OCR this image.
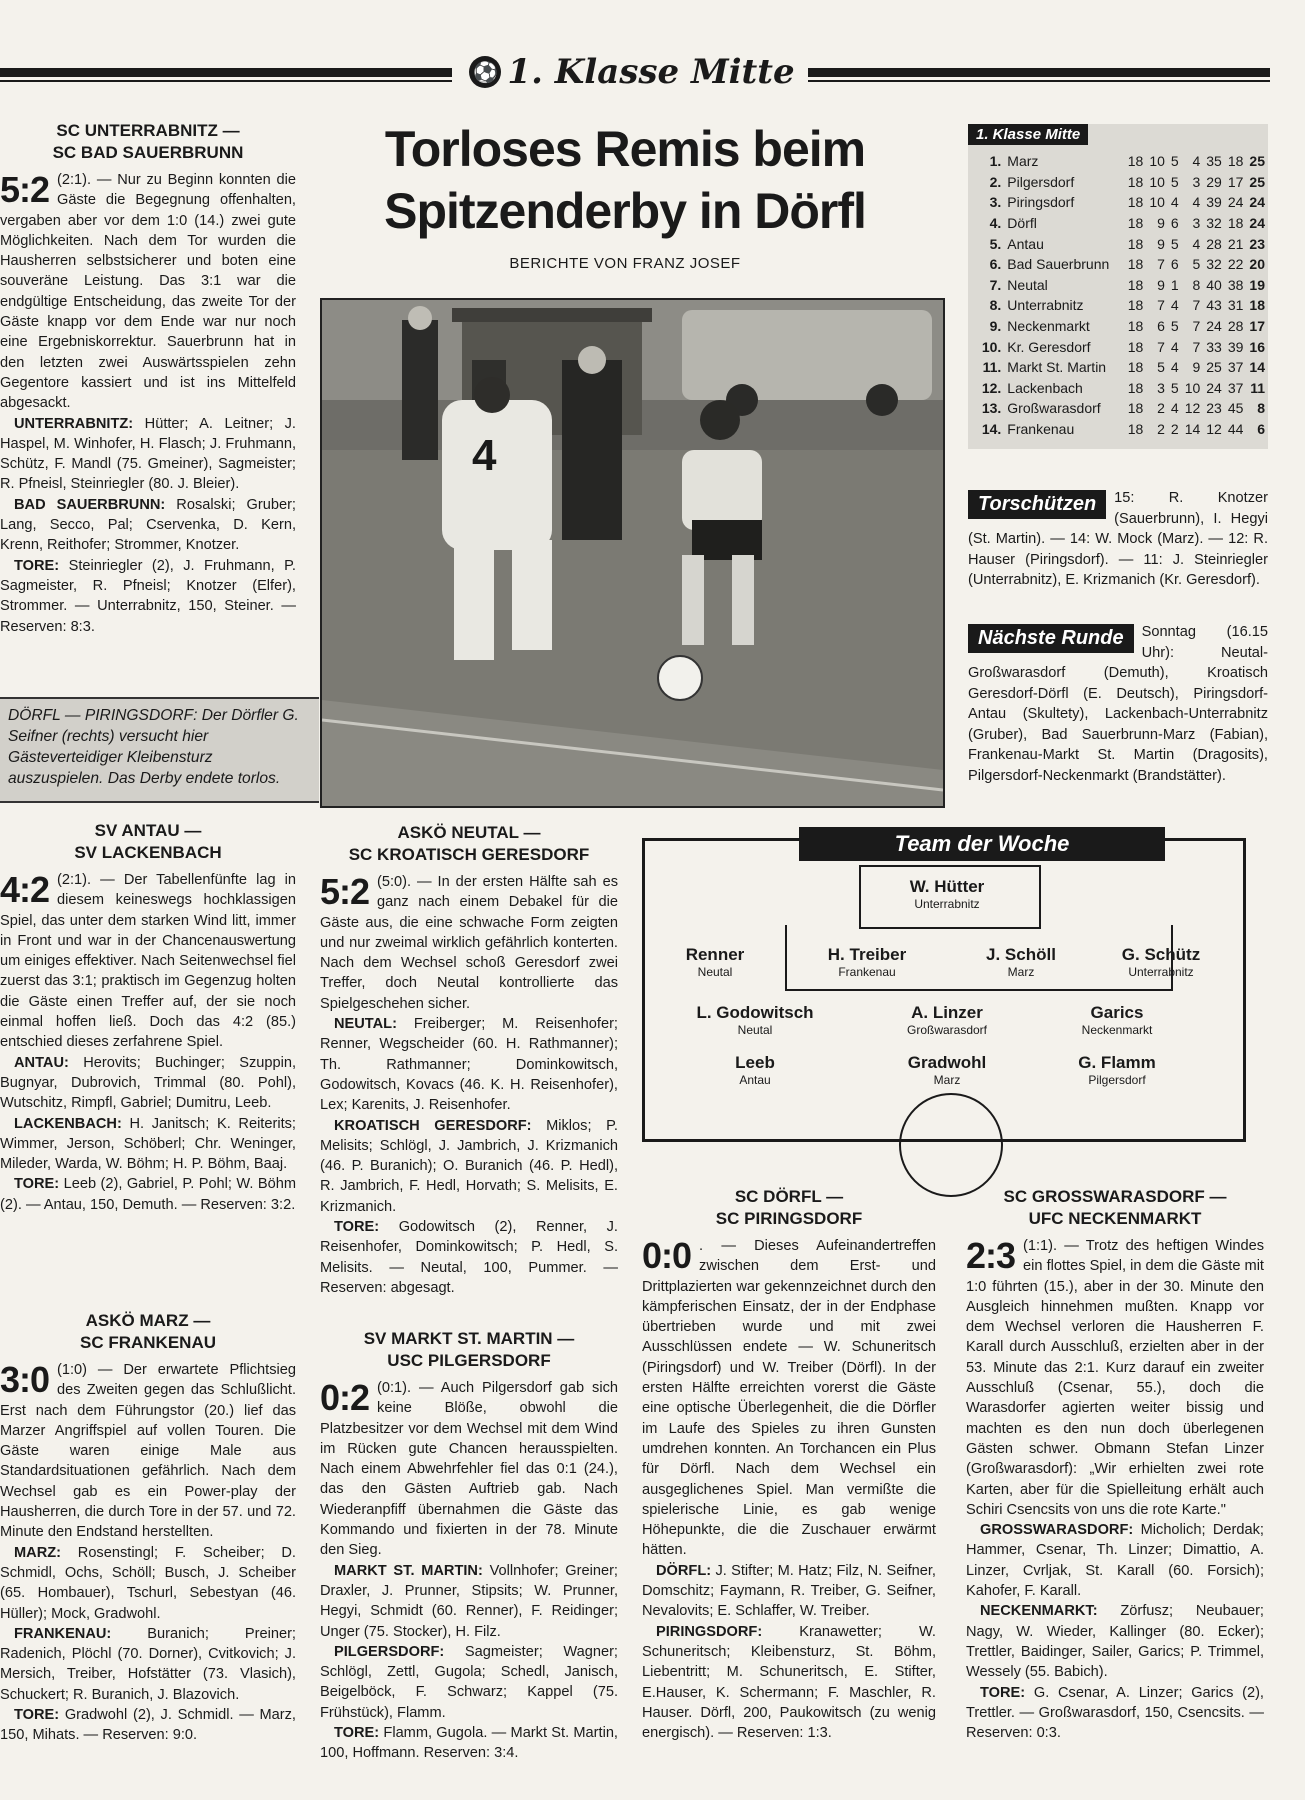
⚽ 1. Klasse Mitte
Torloses Remis beim
Spitzenderby in Dörfl
BERICHTE VON FRANZ JOSEF
4
DÖRFL — PIRINGSDORF: Der Dörfler G. Seifner (rechts) versucht hier Gästeverteidiger Kleibensturz auszuspielen. Das Derby endete torlos.
1. Klasse Mitte
1.	Marz	18	10	5	4	35	18	25
2.	Pilgersdorf	18	10	5	3	29	17	25
3.	Piringsdorf	18	10	4	4	39	24	24
4.	Dörfl	18	9	6	3	32	18	24
5.	Antau	18	9	5	4	28	21	23
6.	Bad Sauerbrunn	18	7	6	5	32	22	20
7.	Neutal	18	9	1	8	40	38	19
8.	Unterrabnitz	18	7	4	7	43	31	18
9.	Neckenmarkt	18	6	5	7	24	28	17
10.	Kr. Geresdorf	18	7	4	7	33	39	16
11.	Markt St. Martin	18	5	4	9	25	37	14
12.	Lackenbach	18	3	5	10	24	37	11
13.	Großwarasdorf	18	2	4	12	23	45	8
14.	Frankenau	18	2	2	14	12	44	6
Torschützen	15: R. Knotzer (Sauerbrunn), I. Hegyi (St. Martin). — 14: W. Mock (Marz). — 12: R. Hauser (Piringsdorf). — 11: J. Steinriegler (Unterrabnitz), E. Krizmanich (Kr. Geresdorf).
Nächste Runde	Sonntag (16.15 Uhr): Neutal-Großwarasdorf (Demuth), Kroatisch Geresdorf-Dörfl (E. Deutsch), Piringsdorf-Antau (Skultety), Lackenbach-Unterrabnitz (Gruber), Bad Sauerbrunn-Marz (Fabian), Frankenau-Markt St. Martin (Dragosits), Pilgersdorf-Neckenmarkt (Brandstätter).
Team der Woche
W. Hütter
Unterrabnitz
Renner
Neutal
H. Treiber
Frankenau
J. Schöll
Marz
G. Schütz
Unterrabnitz
L. Godowitsch
Neutal
A. Linzer
Großwarasdorf
Garics
Neckenmarkt
Leeb
Antau
Gradwohl
Marz
G. Flamm
Pilgersdorf
SC UNTERRABNITZ —
SC BAD SAUERBRUNN

5:2 (2:1). — Nur zu Beginn konnten die Gäste die Begegnung offenhalten, vergaben aber vor dem 1:0 (14.) zwei gute Möglichkeiten. Nach dem Tor wurden die Hausherren selbstsicherer und boten eine souveräne Leistung. Das 3:1 war die endgültige Entscheidung, das zweite Tor der Gäste knapp vor dem Ende war nur noch eine Ergebniskorrektur. Sauerbrunn hat in den letzten zwei Auswärtsspielen zehn Gegentore kassiert und ist ins Mittelfeld abgesackt.

UNTERRABNITZ: Hütter; A. Leitner; J. Haspel, M. Winhofer, H. Flasch; J. Fruhmann, Schütz, F. Mandl (75. Gmeiner), Sagmeister; R. Pfneisl, Steinriegler (80. J. Bleier).

BAD SAUERBRUNN: Rosalski; Gruber; Lang, Secco, Pal; Cservenka, D. Kern, Krenn, Reithofer; Strommer, Knotzer.

TORE: Steinriegler (2), J. Fruhmann, P. Sagmeister, R. Pfneisl; Knotzer (Elfer), Strommer. — Unterrabnitz, 150, Steiner. — Reserven: 8:3.

SV ANTAU —
SV LACKENBACH

4:2 (2:1). — Der Tabellenfünfte lag in diesem keineswegs hochklassigen Spiel, das unter dem starken Wind litt, immer in Front und war in der Chancenauswertung um einiges effektiver. Nach Seitenwechsel fiel zuerst das 3:1; praktisch im Gegenzug holten die Gäste einen Treffer auf, der sie noch einmal hoffen ließ. Doch das 4:2 (85.) entschied dieses zerfahrene Spiel.

ANTAU: Herovits; Buchinger; Szuppin, Bugnyar, Dubrovich, Trimmal (80. Pohl), Wutschitz, Rimpfl, Gabriel; Dumitru, Leeb.

LACKENBACH: H. Janitsch; K. Reiterits; Wimmer, Jerson, Schöberl; Chr. Weninger, Mileder, Warda, W. Böhm; H. P. Böhm, Baaj.

TORE: Leeb (2), Gabriel, P. Pohl; W. Böhm (2). — Antau, 150, Demuth. — Reserven: 3:2.

ASKÖ MARZ —
SC FRANKENAU

3:0 (1:0) — Der erwartete Pflichtsieg des Zweiten gegen das Schlußlicht. Erst nach dem Führungstor (20.) lief das Marzer Angriffspiel auf vollen Touren. Die Gäste waren einige Male aus Standardsituationen gefährlich. Nach dem Wechsel gab es ein Power-play der Hausherren, die durch Tore in der 57. und 72. Minute den Endstand herstellten.

MARZ: Rosenstingl; F. Scheiber; D. Schmidl, Ochs, Schöll; Busch, J. Scheiber (65. Hombauer), Tschurl, Sebestyan (46. Hüller); Mock, Gradwohl.

FRANKENAU: Buranich; Preiner; Radenich, Plöchl (70. Dorner), Cvitkovich; J. Mersich, Treiber, Hofstätter (73. Vlasich), Schuckert; R. Buranich, J. Blazovich.

TORE: Gradwohl (2), J. Schmidl. — Marz, 150, Mihats. — Reserven: 9:0.

ASKÖ NEUTAL —
SC KROATISCH GERESDORF

5:2 (5:0). — In der ersten Hälfte sah es ganz nach einem Debakel für die Gäste aus, die eine schwache Form zeigten und nur zweimal wirklich gefährlich konterten. Nach dem Wechsel schoß Geresdorf zwei Treffer, doch Neutal kontrollierte das Spielgeschehen sicher.

NEUTAL: Freiberger; M. Reisenhofer; Renner, Wegscheider (60. H. Rathmanner); Th. Rathmanner; Dominkowitsch, Godowitsch, Kovacs (46. K. H. Reisenhofer), Lex; Karenits, J. Reisenhofer.

KROATISCH GERESDORF: Miklos; P. Melisits; Schlögl, J. Jambrich, J. Krizmanich (46. P. Buranich); O. Buranich (46. P. Hedl), R. Jambrich, F. Hedl, Horvath; S. Melisits, E. Krizmanich.

TORE: Godowitsch (2), Renner, J. Reisenhofer, Dominkowitsch; P. Hedl, S. Melisits. — Neutal, 100, Pummer. — Reserven: abgesagt.

SV MARKT ST. MARTIN —
USC PILGERSDORF

0:2 (0:1). — Auch Pilgersdorf gab sich keine Blöße, obwohl die Platzbesitzer vor dem Wechsel mit dem Wind im Rücken gute Chancen herausspielten. Nach einem Abwehrfehler fiel das 0:1 (24.), das den Gästen Auftrieb gab. Nach Wiederanpfiff übernahmen die Gäste das Kommando und fixierten in der 78. Minute den Sieg.

MARKT ST. MARTIN: Vollnhofer; Greiner; Draxler, J. Prunner, Stipsits; W. Prunner, Hegyi, Schmidt (60. Renner), F. Reidinger; Unger (75. Stocker), H. Filz.

PILGERSDORF: Sagmeister; Wagner; Schlögl, Zettl, Gugola; Schedl, Janisch, Beigelböck, F. Schwarz; Kappel (75. Frühstück), Flamm.

TORE: Flamm, Gugola. — Markt St. Martin, 100, Hoffmann. Reserven: 3:4.

SC DÖRFL —
SC PIRINGSDORF

0:0 . — Dieses Aufeinandertreffen zwischen dem Erst- und Drittplazierten war gekennzeichnet durch den kämpferischen Einsatz, der in der Endphase übertrieben wurde und mit zwei Ausschlüssen endete — W. Schuneritsch (Piringsdorf) und W. Treiber (Dörfl). In der ersten Hälfte erreichten vorerst die Gäste eine optische Überlegenheit, die die Dörfler im Laufe des Spieles zu ihren Gunsten umdrehen konnten. An Torchancen ein Plus für Dörfl. Nach dem Wechsel ein ausgeglichenes Spiel. Man vermißte die spielerische Linie, es gab wenige Höhepunkte, die die Zuschauer erwärmt hätten.

DÖRFL: J. Stifter; M. Hatz; Filz, N. Seifner, Domschitz; Faymann, R. Treiber, G. Seifner, Nevalovits; E. Schlaffer, W. Treiber.

PIRINGSDORF:	Kranawetter; W. Schuneritsch; Kleibensturz, St. Böhm, Liebentritt; M. Schuneritsch, E. Stifter, E.Hauser, K. Schermann; F. Maschler, R. Hauser. Dörfl, 200, Paukowitsch (zu wenig energisch). — Reserven: 1:3.

SC GROSSWARASDORF —
UFC NECKENMARKT

2:3 (1:1). — Trotz des heftigen Windes ein flottes Spiel, in dem die Gäste mit 1:0 führten (15.), aber in der 30. Minute den Ausgleich hinnehmen mußten. Knapp vor dem Wechsel verloren die Hausherren F. Karall durch Ausschluß, erzielten aber in der 53. Minute das 2:1. Kurz darauf ein zweiter Ausschluß (Csenar, 55.), doch die Warasdorfer agierten weiter bissig und machten es den nun doch überlegenen Gästen schwer. Obmann Stefan Linzer (Großwarasdorf): „Wir erhielten zwei rote Karten, aber für die Spielleitung erhält auch Schiri Csencsits von uns die rote Karte."

GROSSWARASDORF: Micholich; Derdak; Hammer, Csenar, Th. Linzer; Dimattio, A. Linzer, Cvrljak, St. Karall (60. Forsich); Kahofer, F. Karall.

NECKENMARKT: Zörfusz; Neubauer; Nagy, W. Wieder, Kallinger (80. Ecker); Trettler, Baidinger, Sailer, Garics; P. Trimmel, Wessely (55. Babich).

TORE: G. Csenar, A. Linzer; Garics (2), Trettler. — Großwarasdorf, 150, Csencsits. — Reserven: 0:3.
